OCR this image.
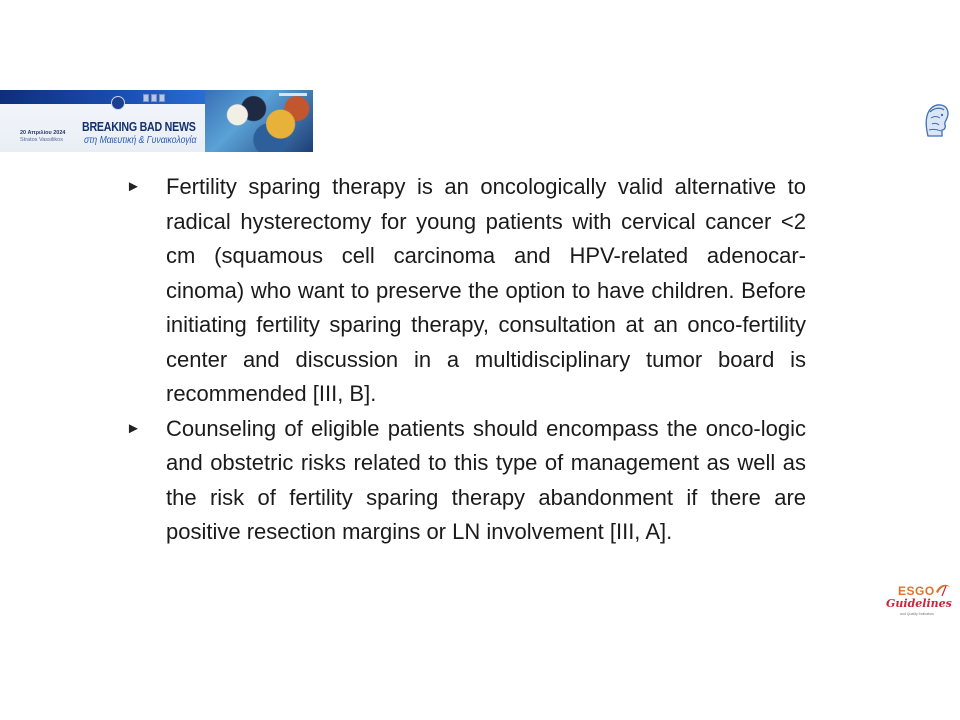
20 Απριλίου 2024
Stratos Vassilikos
BREAKING BAD NEWS
στη Μαιευτική & Γυναικολογία
► Fertility sparing therapy is an oncologically valid alternative to radical hysterectomy for young patients with cervical cancer <2 cm (squamous cell carcinoma and HPV-related adenocar-cinoma) who want to preserve the option to have children. Before initiating fertility sparing therapy, consultation at an onco-fertility center and discussion in a multidisciplinary tumor board is recommended [III, B].
► Counseling of eligible patients should encompass the onco-logic and obstetric risks related to this type of management as well as the risk of fertility sparing therapy abandonment if there are positive resection margins or LN involvement [III, A].
ESGO
Guidelines
and Quality Indicators
